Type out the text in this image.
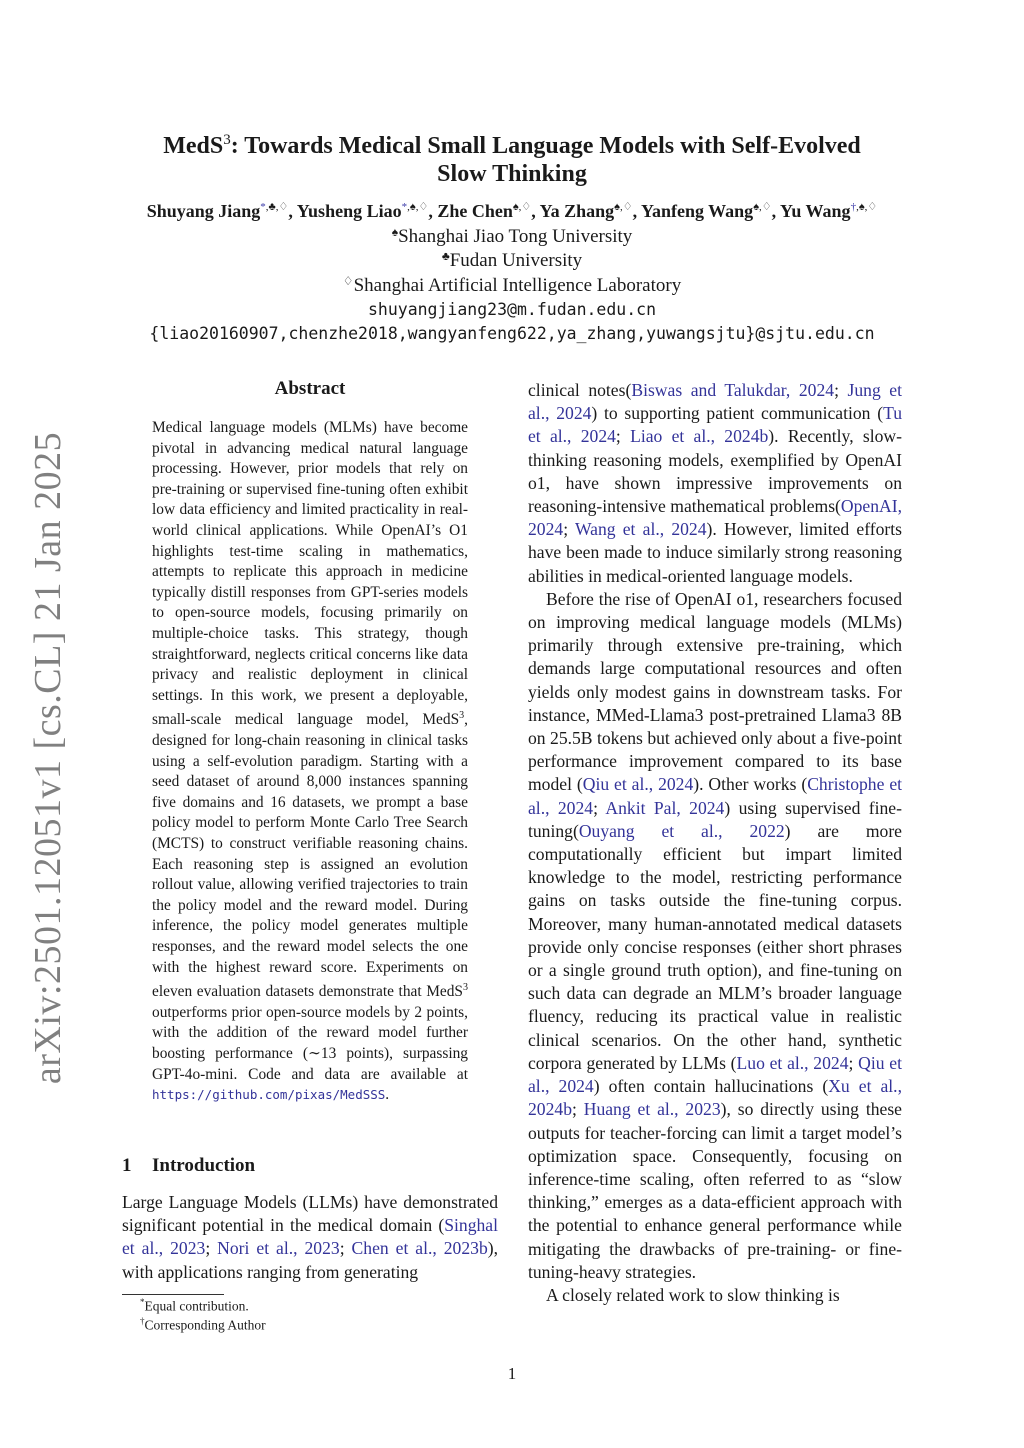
arXiv:2501.12051v1 [cs.CL] 21 Jan 2025
MedS$^3$: Towards Medical Small Language Models with Self-Evolved
Slow Thinking
Shuyang Jiang*,♣,♢, Yusheng Liao*,♠,♢, Zhe Chen♠,♢, Ya Zhang♠,♢, Yanfeng Wang♠,♢, Yu Wang†,♠,♢
♠Shanghai Jiao Tong University
♣Fudan University
♢Shanghai Artificial Intelligence Laboratory
shuyangjiang23@m.fudan.edu.cn
{liao20160907,chenzhe2018,wangyanfeng622,ya_zhang,yuwangsjtu}@sjtu.edu.cn
Abstract
Medical language models (MLMs) have become pivotal in advancing medical natural language processing. However, prior models that rely on pre-training or supervised fine-tuning often exhibit low data efficiency and limited practicality in real-world clinical applications. While OpenAI’s O1 highlights test-time scaling in mathematics, attempts to replicate this approach in medicine typically distill responses from GPT-series models to open-source models, focusing primarily on multiple-choice tasks. This strategy, though straightforward, neglects critical concerns like data privacy and realistic deployment in clinical settings. In this work, we present a deployable, small-scale medical language model, MedS$^3$, designed for long-chain reasoning in clinical tasks using a self-evolution paradigm. Starting with a seed dataset of around 8,000 instances spanning five domains and 16 datasets, we prompt a base policy model to perform Monte Carlo Tree Search (MCTS) to construct verifiable reasoning chains. Each reasoning step is assigned an evolution rollout value, allowing verified trajectories to train the policy model and the reward model. During inference, the policy model generates multiple responses, and the reward model selects the one with the highest reward score. Experiments on eleven evaluation datasets demonstrate that MedS$^3$ outperforms prior open-source models by 2 points, with the addition of the reward model further boosting performance (∼13 points), surpassing GPT-4o-mini. Code and data are available at https://github.com/pixas/MedSSS.
1 Introduction
Large Language Models (LLMs) have demonstrated significant potential in the medical domain (Singhal et al., 2023; Nori et al., 2023; Chen et al., 2023b), with applications ranging from generating
*Equal contribution.
†Corresponding Author

clinical notes(Biswas and Talukdar, 2024; Jung et al., 2024) to supporting patient communication (Tu et al., 2024; Liao et al., 2024b). Recently, slow-thinking reasoning models, exemplified by OpenAI o1, have shown impressive improvements on reasoning-intensive mathematical problems(OpenAI, 2024; Wang et al., 2024). However, limited efforts have been made to induce similarly strong reasoning abilities in medical-oriented language models.

Before the rise of OpenAI o1, researchers focused on improving medical language models (MLMs) primarily through extensive pre-training, which demands large computational resources and often yields only modest gains in downstream tasks. For instance, MMed-Llama3 post-pretrained Llama3 8B on 25.5B tokens but achieved only about a five-point performance improvement compared to its base model (Qiu et al., 2024). Other works (Christophe et al., 2024; Ankit Pal, 2024) using supervised fine-tuning(Ouyang et al., 2022) are more computationally efficient but impart limited knowledge to the model, restricting performance gains on tasks outside the fine-tuning corpus. Moreover, many human-annotated medical datasets provide only concise responses (either short phrases or a single ground truth option), and fine-tuning on such data can degrade an MLM’s broader language fluency, reducing its practical value in realistic clinical scenarios. On the other hand, synthetic corpora generated by LLMs (Luo et al., 2024; Qiu et al., 2024) often contain hallucinations (Xu et al., 2024b; Huang et al., 2023), so directly using these outputs for teacher-forcing can limit a target model’s optimization space. Consequently, focusing on inference-time scaling, often referred to as “slow thinking,” emerges as a data-efficient approach with the potential to enhance general performance while mitigating the drawbacks of pre-training- or fine-tuning-heavy strategies.

A closely related work to slow thinking is

1
